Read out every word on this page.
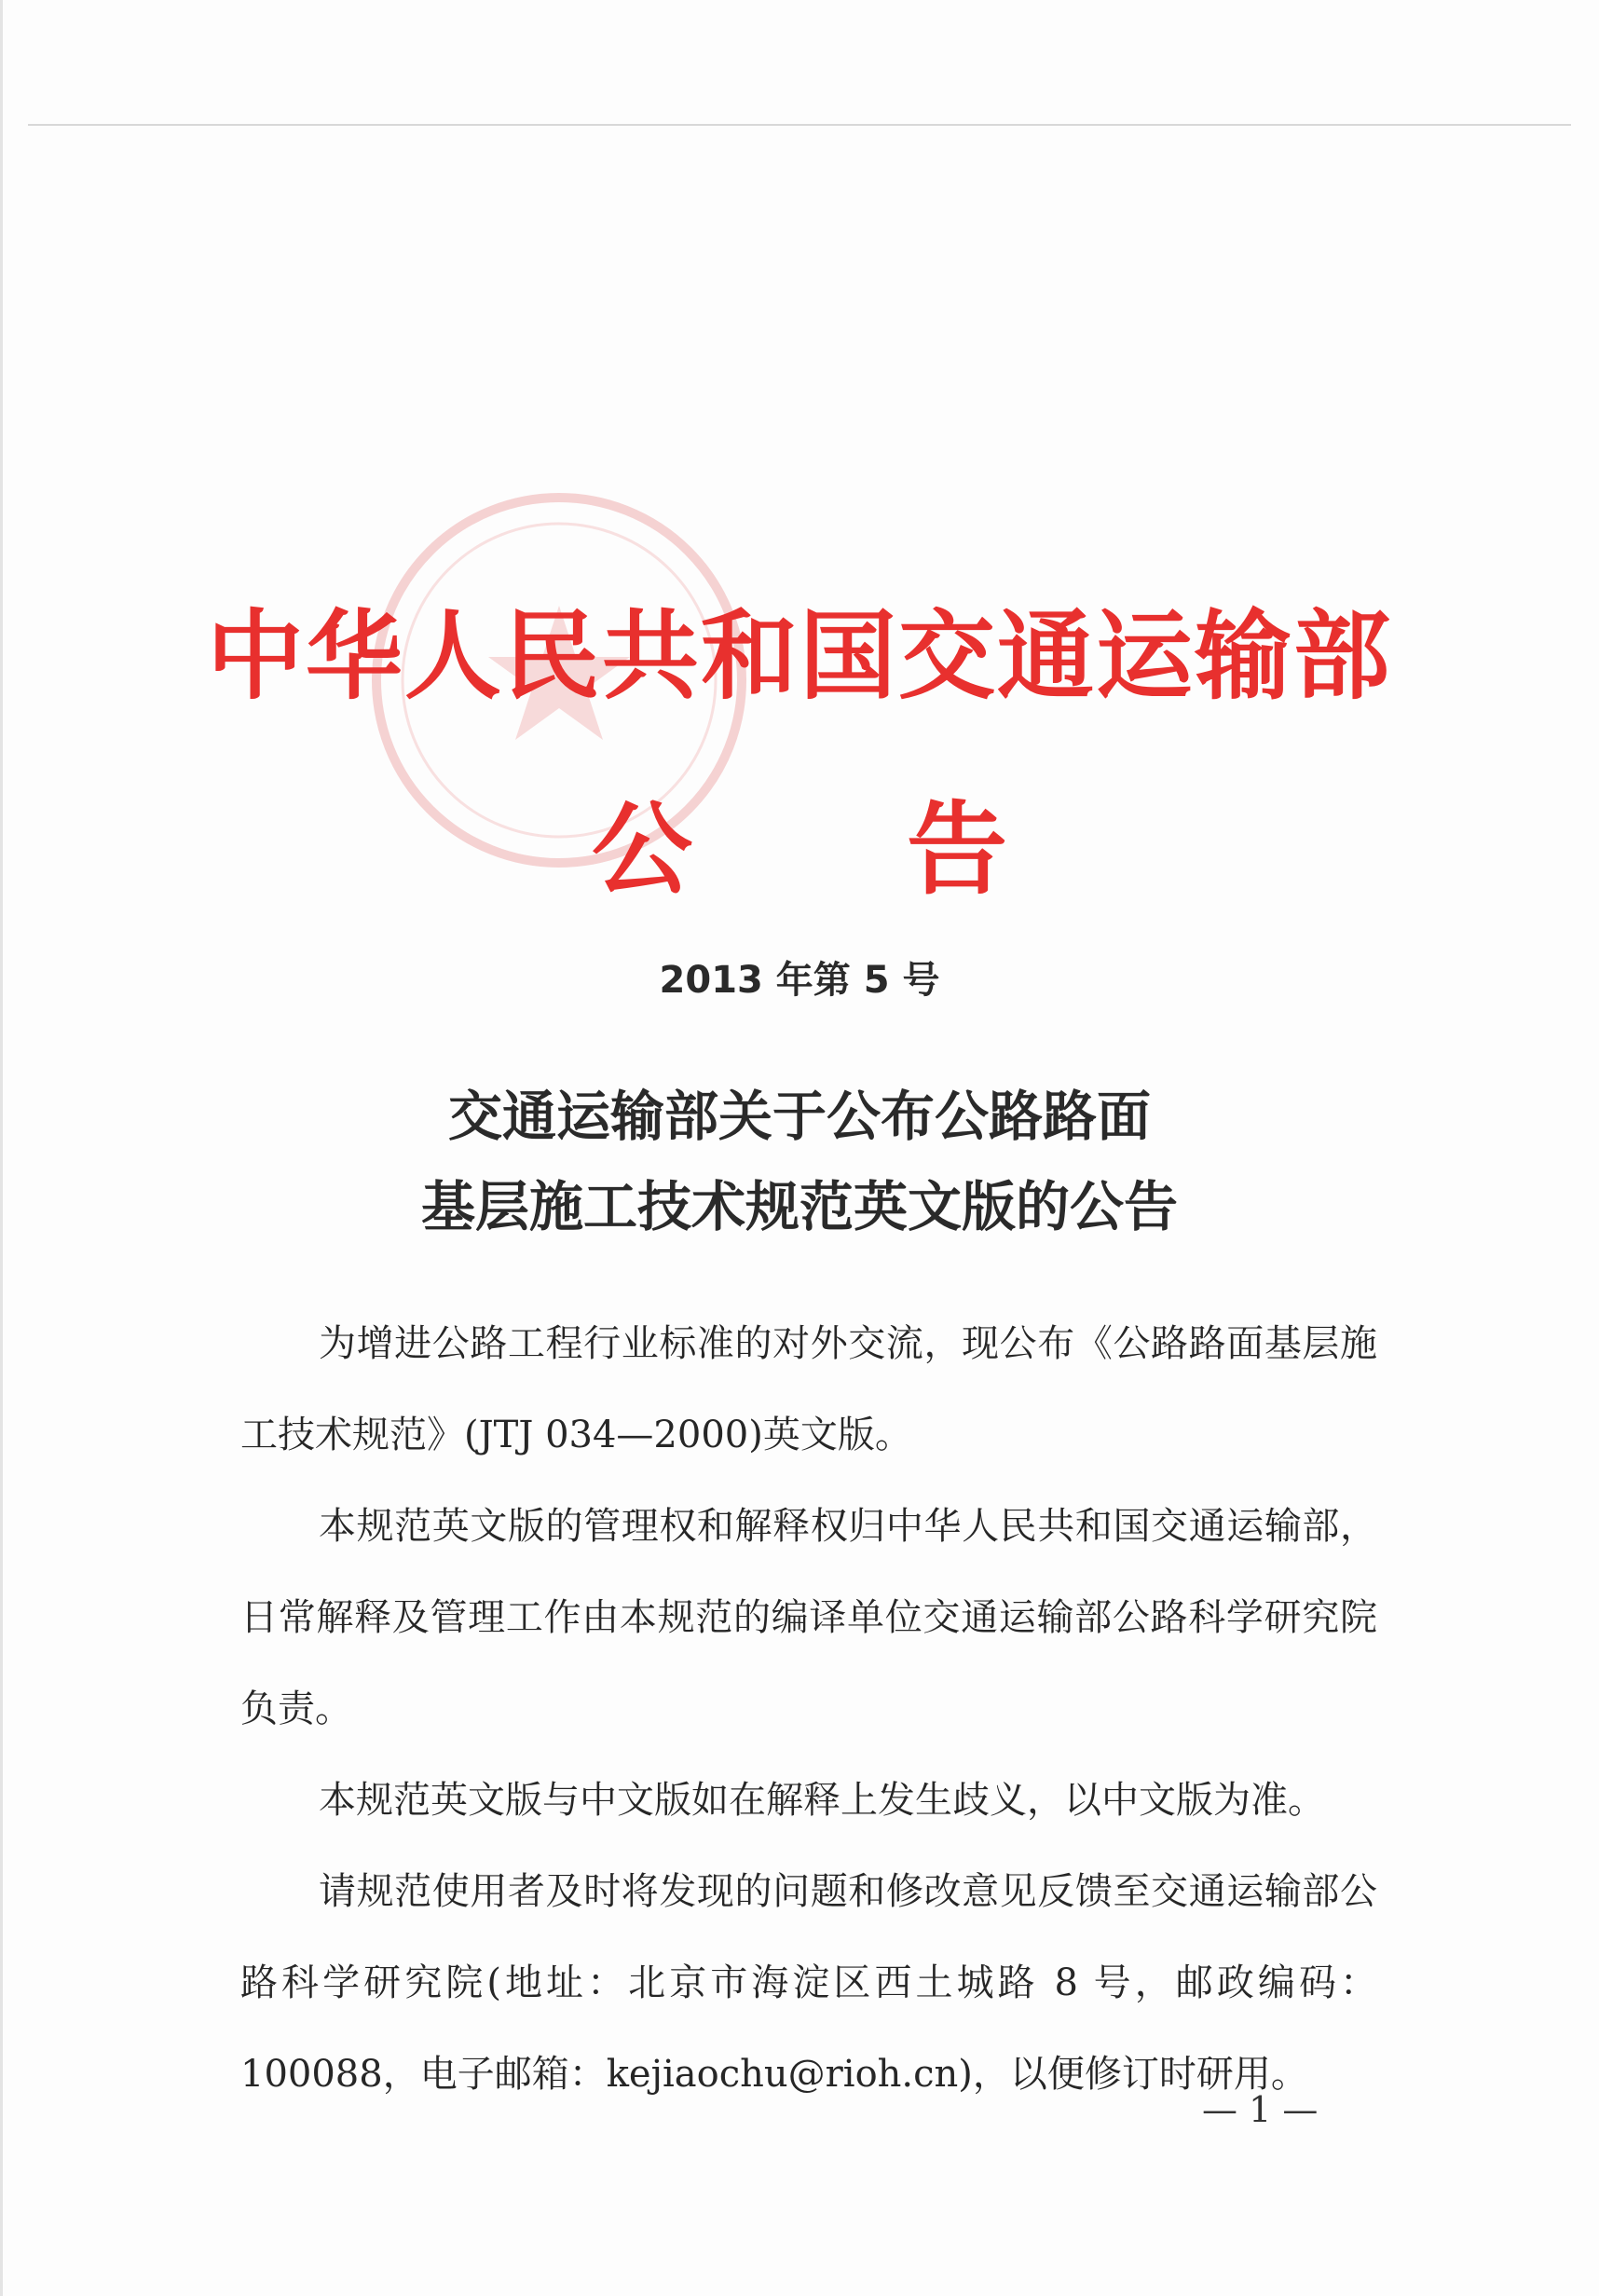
中华人民共和国交通运输部
公 告
2013 年第 5 号
交通运输部关于公布公路路面
基层施工技术规范英文版的公告

为增进公路工程行业标准的对外交流，现公布《公路路面基层施工技术规范》(JTJ 034—2000)英文版。

本规范英文版的管理权和解释权归中华人民共和国交通运输部，日常解释及管理工作由本规范的编译单位交通运输部公路科学研究院负责。

本规范英文版与中文版如在解释上发生歧义，以中文版为准。

请规范使用者及时将发现的问题和修改意见反馈至交通运输部公路科学研究院(地址：北京市海淀区西土城路 8 号，邮政编码：100088，电子邮箱：kejiaochu@rioh.cn)，以便修订时研用。

— 1 —
